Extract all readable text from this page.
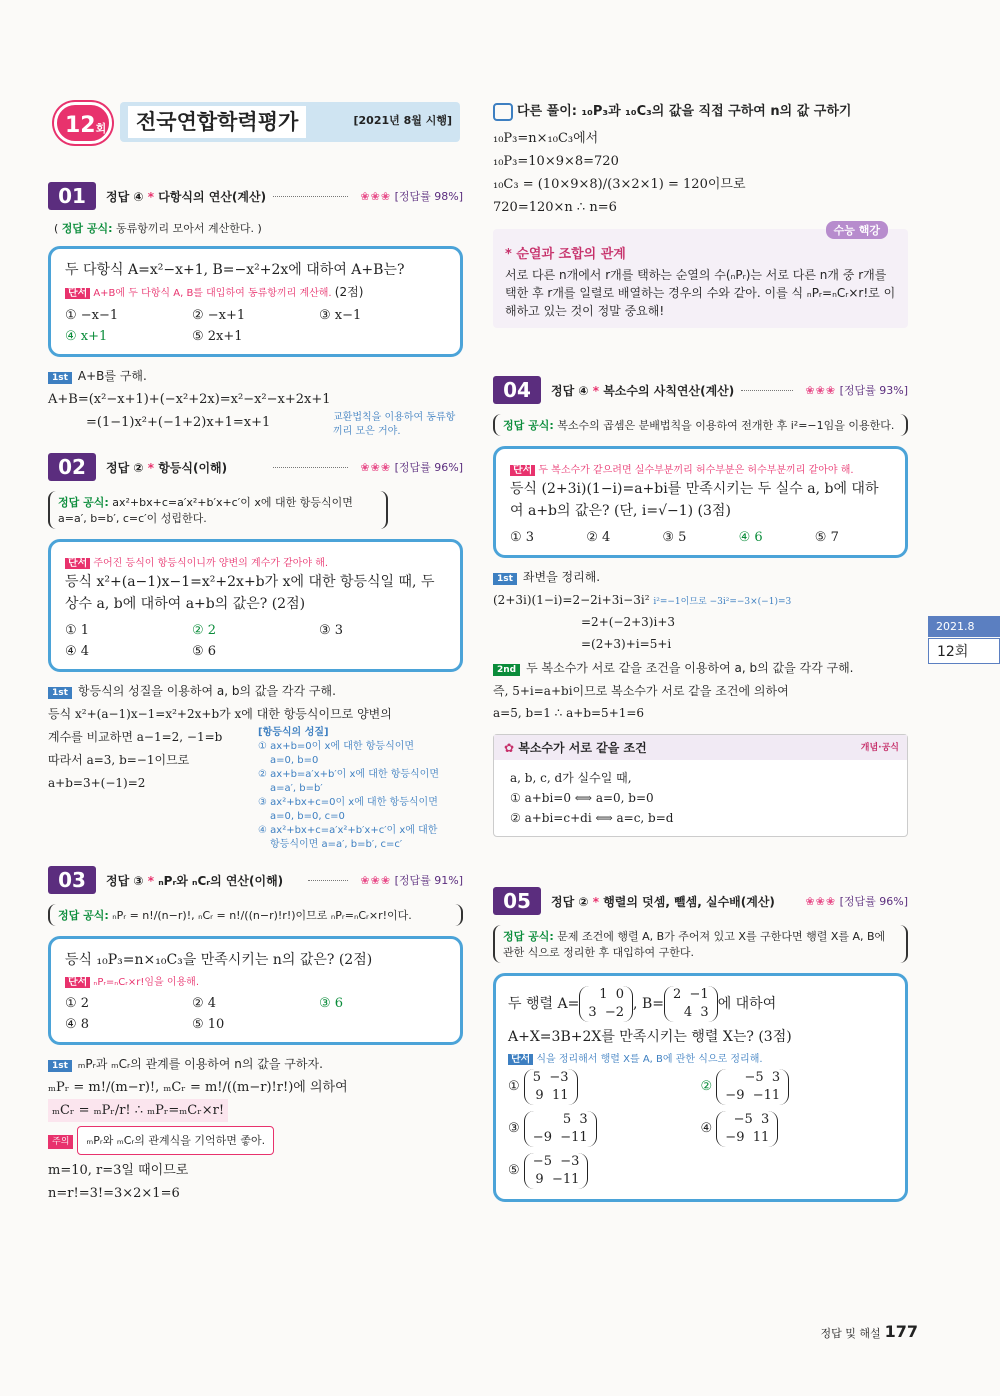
12회	전국연합학력평가	[2021년 8월 시행]
01	정답 ④ * 다항식의 연산(계산)	❀❀❀ [정답률 98%]
( 정답 공식: 동류항끼리 모아서 계산한다. )
두 다항식 A=x²−x+1, B=−x²+2x에 대하여 A+B는?
단서 A+B에 두 다항식 A, B를 대입하여 동류항끼리 계산해. (2점)
① −x−1	② −x+1	③ x−1
④ x+1	⑤ 2x+1
1st A+B를 구해.
A+B=(x²−x+1)+(−x²+2x)=x²−x²−x+2x+1
=(1−1)x²+(−1+2)x+1=x+1	교환법칙을 이용하여 동류항끼리 모은 거야.
02	정답 ② * 항등식(이해)	❀❀❀ [정답률 96%]
정답 공식: ax²+bx+c=a′x²+b′x+c′이 x에 대한 항등식이면 a=a′, b=b′, c=c′이 성립한다.
단서 주어진 등식이 항등식이니까 양변의 계수가 같아야 해.
등식 x²+(a−1)x−1=x²+2x+b가 x에 대한 항등식일 때, 두 상수 a, b에 대하여 a+b의 값은? (2점)
① 1	② 2	③ 3
④ 4	⑤ 6
1st 항등식의 성질을 이용하여 a, b의 값을 각각 구해.
등식 x²+(a−1)x−1=x²+2x+b가 x에 대한 항등식이므로 양변의
계수를 비교하면 a−1=2, −1=b
따라서 a=3, b=−1이므로
a+b=3+(−1)=2
[항등식의 성질]
① ax+b=0이 x에 대한 항등식이면
a=0, b=0
② ax+b=a′x+b′이 x에 대한 항등식이면
a=a′, b=b′
③ ax²+bx+c=0이 x에 대한 항등식이면
a=0, b=0, c=0
④ ax²+bx+c=a′x²+b′x+c′이 x에 대한
항등식이면 a=a′, b=b′, c=c′
03	정답 ③ * ₙPᵣ와 ₙCᵣ의 연산(이해)	❀❀❀ [정답률 91%]
정답 공식: ₙPᵣ = n!/(n−r)!, ₙCᵣ = n!/((n−r)!r!)이므로 ₙPᵣ=ₙCᵣ×r!이다.
등식 ₁₀P₃=n×₁₀C₃을 만족시키는 n의 값은? (2점)
단서 ₙPᵣ=ₙCᵣ×r!임을 이용해.
① 2	② 4	③ 6
④ 8	⑤ 10
1st ₘPᵣ과 ₘCᵣ의 관계를 이용하여 n의 값을 구하자.
ₘPᵣ = m!/(m−r)!, ₘCᵣ = m!/((m−r)!r!)에 의하여
ₘCᵣ = ₘPᵣ/r! ∴ ₘPᵣ=ₘCᵣ×r!
주의 ₘPᵣ와 ₘCᵣ의 관계식을 기억하면 좋아.
m=10, r=3일 때이므로
n=r!=3!=3×2×1=6
다른 풀이: ₁₀P₃과 ₁₀C₃의 값을 직접 구하여 n의 값 구하기
₁₀P₃=n×₁₀C₃에서
₁₀P₃=10×9×8=720
₁₀C₃ = (10×9×8)/(3×2×1) = 120이므로
720=120×n ∴ n=6
수능 핵강
* 순열과 조합의 관계
서로 다른 n개에서 r개를 택하는 순열의 수(ₙPᵣ)는 서로 다른 n개 중 r개를 택한 후 r개를 일렬로 배열하는 경우의 수와 같아. 이를 식 ₙPᵣ=ₙCᵣ×r!로 이해하고 있는 것이 정말 중요해!
04	정답 ④ * 복소수의 사칙연산(계산)	❀❀❀ [정답률 93%]
정답 공식: 복소수의 곱셈은 분배법칙을 이용하여 전개한 후 i²=−1임을 이용한다.
단서 두 복소수가 같으려면 실수부분끼리 허수부분은 허수부분끼리 같아야 해.
등식 (2+3i)(1−i)=a+bi를 만족시키는 두 실수 a, b에 대하여 a+b의 값은? (단, i=√−1) (3점)
① 3	② 4	③ 5	④ 6	⑤ 7
1st 좌변을 정리해.
(2+3i)(1−i)=2−2i+3i−3i² i²=−1이므로 −3i²=−3×(−1)=3
=2+(−2+3)i+3
=(2+3)+i=5+i
2nd 두 복소수가 서로 같을 조건을 이용하여 a, b의 값을 각각 구해.
즉, 5+i=a+bi이므로 복소수가 서로 같을 조건에 의하여
a=5, b=1 ∴ a+b=5+1=6
✿ 복소수가 서로 같을 조건	개념·공식
a, b, c, d가 실수일 때,
① a+bi=0 ⟺ a=0, b=0
② a+bi=c+di ⟺ a=c, b=d
05	정답 ② * 행렬의 덧셈, 뺄셈, 실수배(계산)	❀❀❀ [정답률 96%]
정답 공식: 문제 조건에 행렬 A, B가 주어져 있고 X를 구한다면 행렬 X를 A, B에 관한 식으로 정리한 후 대입하여 구한다.
두 행렬 A=
1 0
3 −2
, B=
2 −1
4 3
에 대하여
A+X=3B+2X를 만족시키는 행렬 X는? (3점)
단서 식을 정리해서 행렬 X를 A, B에 관한 식으로 정리해.
①

5 −3
9 11
②

−5 3
−9 −11
③

5 3
−9 −11
④

−5 3
−9 11
⑤

−5 −3
9 −11
2021.8
12회
정답 및 해설 177
